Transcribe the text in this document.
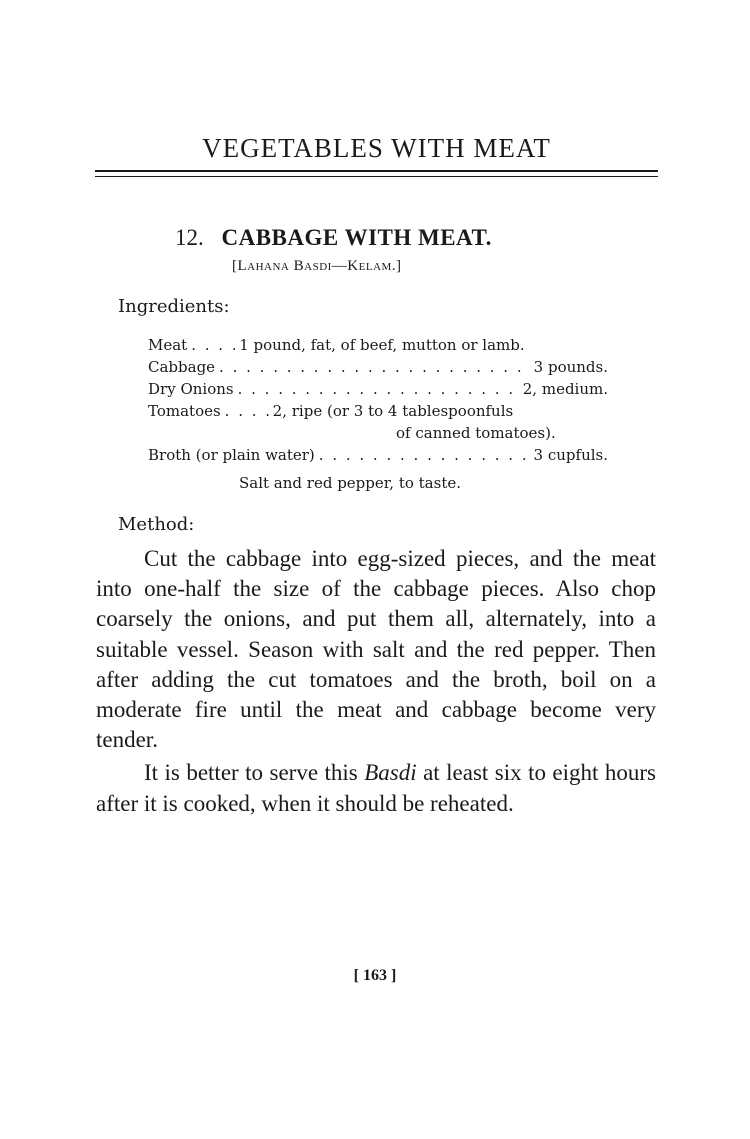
VEGETABLES WITH MEAT
12. CABBAGE WITH MEAT.
[Lahana Basdi—Kelam.]
Ingredients:
Meat . . .	1 pound, fat, of beef, mutton or lamb.
Cabbage . . .	3 pounds.
Dry Onions . . .	2, medium.
Tomatoes . . .	2, ripe (or 3 to 4 tablespoonfuls
of canned tomatoes).
Broth (or plain water) . . .	3 cupfuls.
Salt and red pepper, to taste.
Method:

Cut the cabbage into egg-sized pieces, and the meat into one-half the size of the cabbage pieces. Also chop coarsely the onions, and put them all, alternately, into a suitable vessel. Season with salt and the red pepper. Then after adding the cut tomatoes and the broth, boil on a moderate fire until the meat and cabbage become very tender.

It is better to serve this Basdi at least six to eight hours after it is cooked, when it should be reheated.

[ 163 ]
